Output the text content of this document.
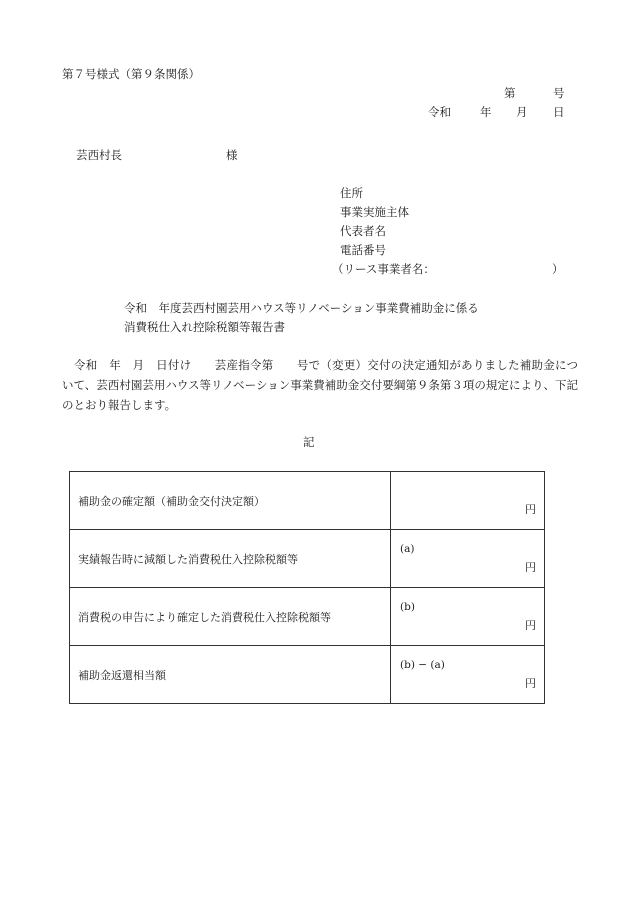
第７号様式（第９条関係）
第	号
令和	年 月 日
芸西村長	様
住所
事業実施主体
代表者名
電話番号
（リース事業者名：	）
令和　年度芸西村園芸用ハウス等リノベーション事業費補助金に係る
消費税仕入れ控除税額等報告書
令和　年　月　日付け　　芸産指令第　　号で（変更）交付の決定通知がありました補助金について、芸西村園芸用ハウス等リノベーション事業費補助金交付要綱第９条第３項の規定により、下記のとおり報告します。
記
補助金の確定額（補助金交付決定額）	円

実績報告時に減額した消費税仕入控除税額等	(a)
円

消費税の申告により確定した消費税仕入控除税額等	(b)
円

補助金返還相当額	(b) − (a)
円
